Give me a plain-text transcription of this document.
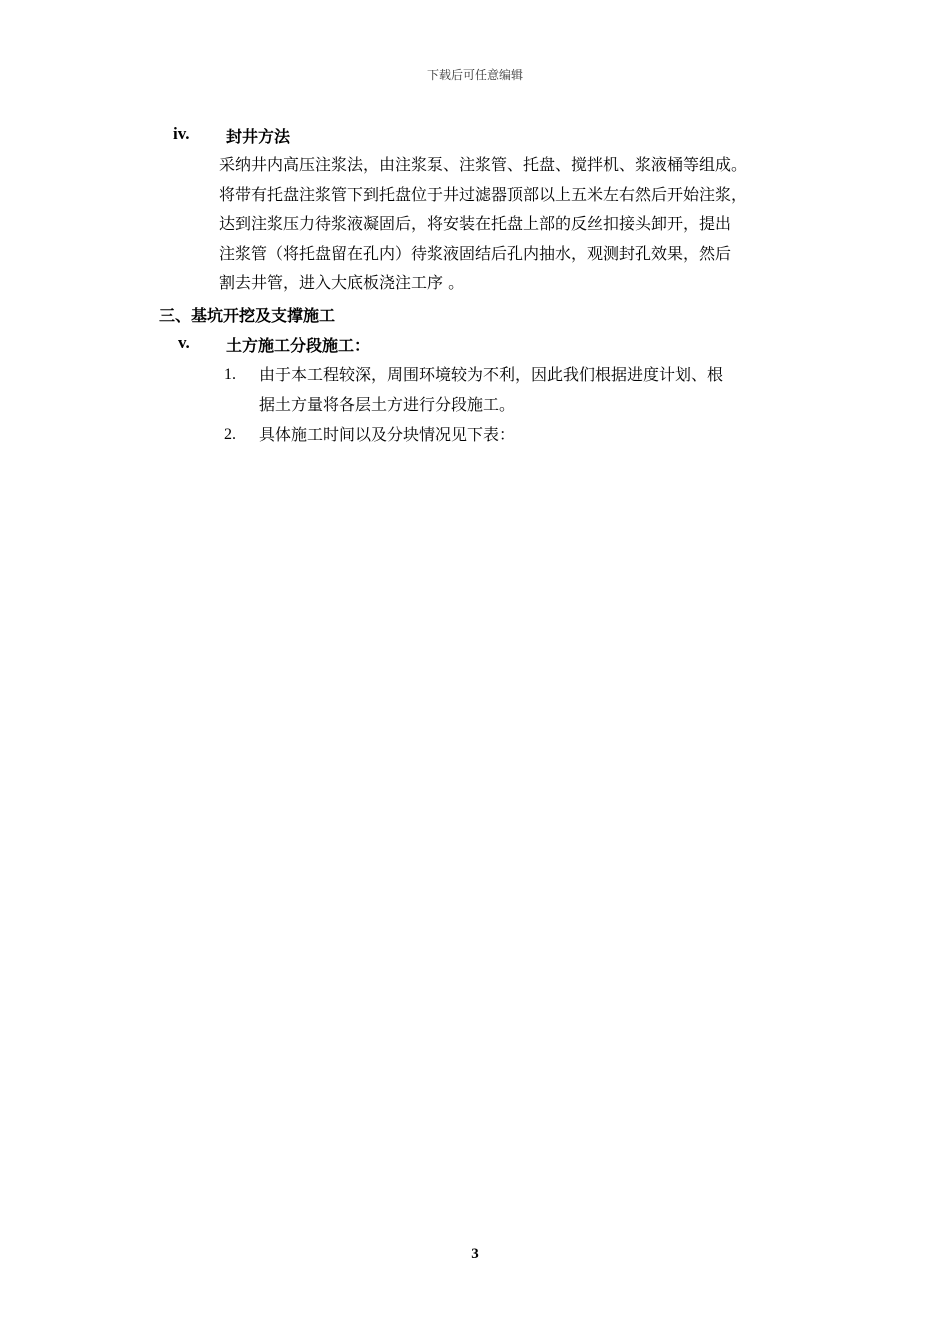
下载后可任意编辑
iv. 封井方法
采纳井内高压注浆法，由注浆泵、注浆管、托盘、搅拌机、浆液桶等组成。
将带有托盘注浆管下到托盘位于井过滤器顶部以上五米左右然后开始注浆，
达到注浆压力待浆液凝固后，将安装在托盘上部的反丝扣接头卸开，提出
注浆管（将托盘留在孔内）待浆液固结后孔内抽水，观测封孔效果，然后
割去井管，进入大底板浇注工序 。
三、基坑开挖及支撑施工
v. 土方施工分段施工：
1. 由于本工程较深，周围环境较为不利，因此我们根据进度计划、根
据土方量将各层土方进行分段施工。
2. 具体施工时间以及分块情况见下表：
3
